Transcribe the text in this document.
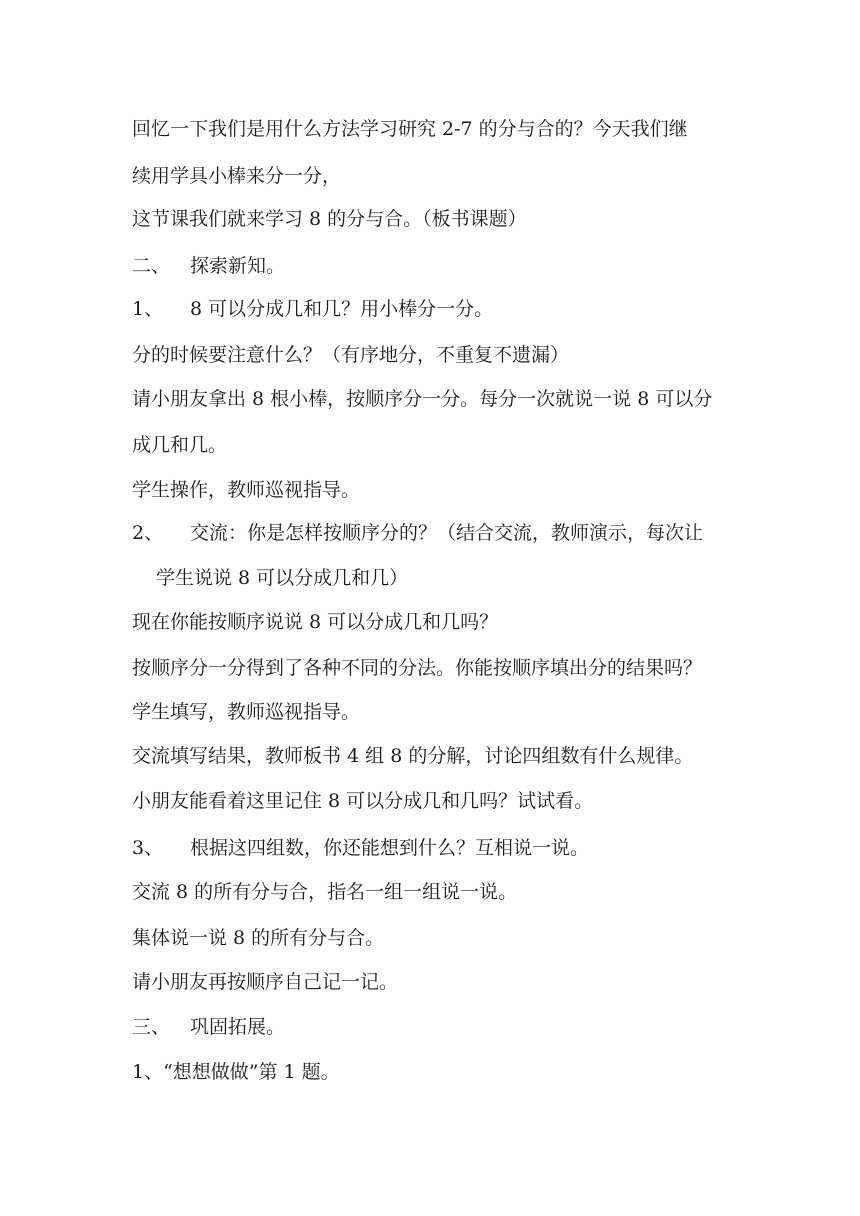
回忆一下我们是用什么方法学习研究 2-7 的分与合的？今天我们继
续用学具小棒来分一分，
这节课我们就来学习 8 的分与合。（板书课题）
二、 探索新知。
1、 8 可以分成几和几？用小棒分一分。
分的时候要注意什么？（有序地分，不重复不遗漏）
请小朋友拿出 8 根小棒，按顺序分一分。每分一次就说一说 8 可以分
成几和几。
学生操作，教师巡视指导。
2、 交流：你是怎样按顺序分的？（结合交流，教师演示，每次让
学生说说 8 可以分成几和几）
现在你能按顺序说说 8 可以分成几和几吗？
按顺序分一分得到了各种不同的分法。你能按顺序填出分的结果吗？
学生填写，教师巡视指导。
交流填写结果，教师板书 4 组 8 的分解，讨论四组数有什么规律。
小朋友能看着这里记住 8 可以分成几和几吗？试试看。
3、 根据这四组数，你还能想到什么？互相说一说。
交流 8 的所有分与合，指名一组一组说一说。
集体说一说 8 的所有分与合。
请小朋友再按顺序自己记一记。
三、 巩固拓展。
1、“想想做做”第 1 题。
